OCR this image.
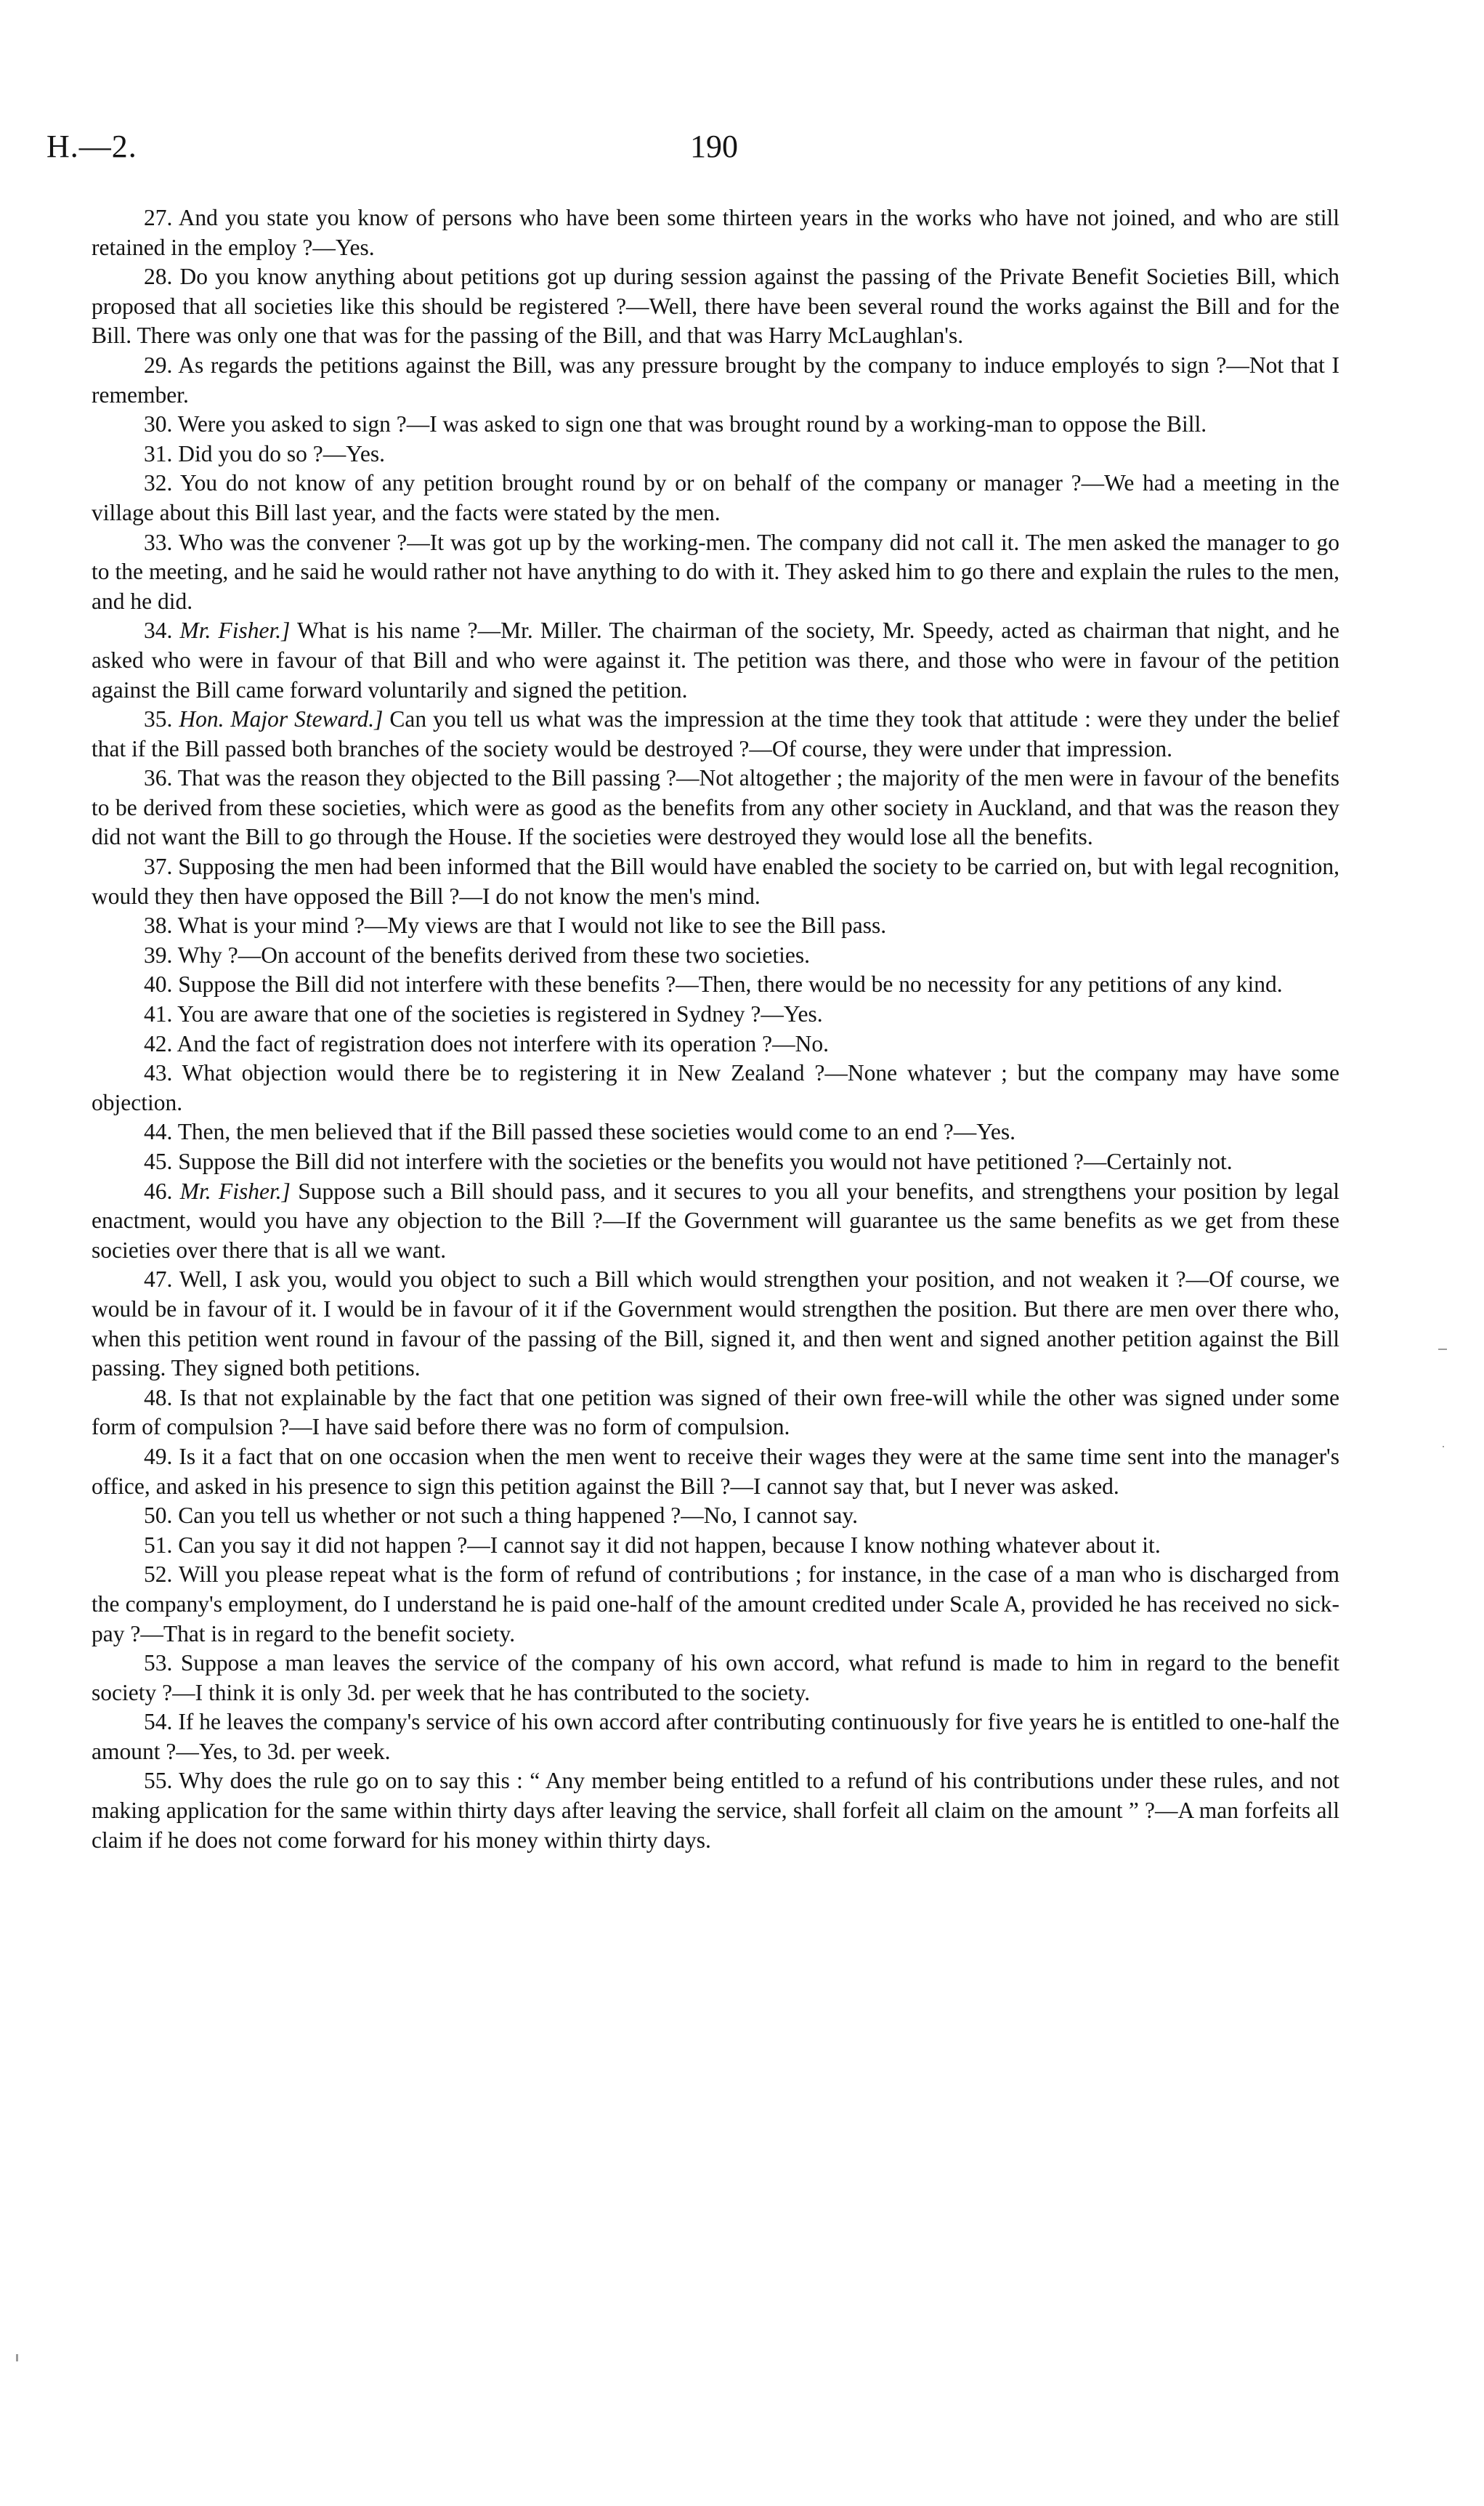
H.—2.	190

27. And you state you know of persons who have been some thirteen years in the works who have not joined, and who are still retained in the employ ?—Yes.

28. Do you know anything about petitions got up during session against the passing of the Private Benefit Societies Bill, which proposed that all societies like this should be registered ?—Well, there have been several round the works against the Bill and for the Bill. There was only one that was for the passing of the Bill, and that was Harry McLaughlan's.

29. As regards the petitions against the Bill, was any pressure brought by the company to induce employés to sign ?—Not that I remember.

30. Were you asked to sign ?—I was asked to sign one that was brought round by a working-man to oppose the Bill.

31. Did you do so ?—Yes.

32. You do not know of any petition brought round by or on behalf of the company or manager ?—We had a meeting in the village about this Bill last year, and the facts were stated by the men.

33. Who was the convener ?—It was got up by the working-men. The company did not call it. The men asked the manager to go to the meeting, and he said he would rather not have anything to do with it. They asked him to go there and explain the rules to the men, and he did.

34. Mr. Fisher.] What is his name ?—Mr. Miller. The chairman of the society, Mr. Speedy, acted as chairman that night, and he asked who were in favour of that Bill and who were against it. The petition was there, and those who were in favour of the petition against the Bill came forward voluntarily and signed the petition.

35. Hon. Major Steward.] Can you tell us what was the impression at the time they took that attitude : were they under the belief that if the Bill passed both branches of the society would be destroyed ?—Of course, they were under that impression.

36. That was the reason they objected to the Bill passing ?—Not altogether ; the majority of the men were in favour of the benefits to be derived from these societies, which were as good as the benefits from any other society in Auckland, and that was the reason they did not want the Bill to go through the House. If the societies were destroyed they would lose all the benefits.

37. Supposing the men had been informed that the Bill would have enabled the society to be carried on, but with legal recognition, would they then have opposed the Bill ?—I do not know the men's mind.

38. What is your mind ?—My views are that I would not like to see the Bill pass.

39. Why ?—On account of the benefits derived from these two societies.

40. Suppose the Bill did not interfere with these benefits ?—Then, there would be no necessity for any petitions of any kind.

41. You are aware that one of the societies is registered in Sydney ?—Yes.

42. And the fact of registration does not interfere with its operation ?—No.

43. What objection would there be to registering it in New Zealand ?—None whatever ; but the company may have some objection.

44. Then, the men believed that if the Bill passed these societies would come to an end ?—Yes.

45. Suppose the Bill did not interfere with the societies or the benefits you would not have petitioned ?—Certainly not.

46. Mr. Fisher.] Suppose such a Bill should pass, and it secures to you all your benefits, and strengthens your position by legal enactment, would you have any objection to the Bill ?—If the Government will guarantee us the same benefits as we get from these societies over there that is all we want.

47. Well, I ask you, would you object to such a Bill which would strengthen your position, and not weaken it ?—Of course, we would be in favour of it. I would be in favour of it if the Government would strengthen the position. But there are men over there who, when this petition went round in favour of the passing of the Bill, signed it, and then went and signed another petition against the Bill passing. They signed both petitions.

48. Is that not explainable by the fact that one petition was signed of their own free-will while the other was signed under some form of compulsion ?—I have said before there was no form of compulsion.

49. Is it a fact that on one occasion when the men went to receive their wages they were at the same time sent into the manager's office, and asked in his presence to sign this petition against the Bill ?—I cannot say that, but I never was asked.

50. Can you tell us whether or not such a thing happened ?—No, I cannot say.

51. Can you say it did not happen ?—I cannot say it did not happen, because I know nothing whatever about it.

52. Will you please repeat what is the form of refund of contributions ; for instance, in the case of a man who is discharged from the company's employment, do I understand he is paid one-half of the amount credited under Scale A, provided he has received no sick-pay ?—That is in regard to the benefit society.

53. Suppose a man leaves the service of the company of his own accord, what refund is made to him in regard to the benefit society ?—I think it is only 3d. per week that he has contributed to the society.

54. If he leaves the company's service of his own accord after contributing continuously for five years he is entitled to one-half the amount ?—Yes, to 3d. per week.

55. Why does the rule go on to say this : “ Any member being entitled to a refund of his contributions under these rules, and not making application for the same within thirty days after leaving the service, shall forfeit all claim on the amount ” ?—A man forfeits all claim if he does not come forward for his money within thirty days.
